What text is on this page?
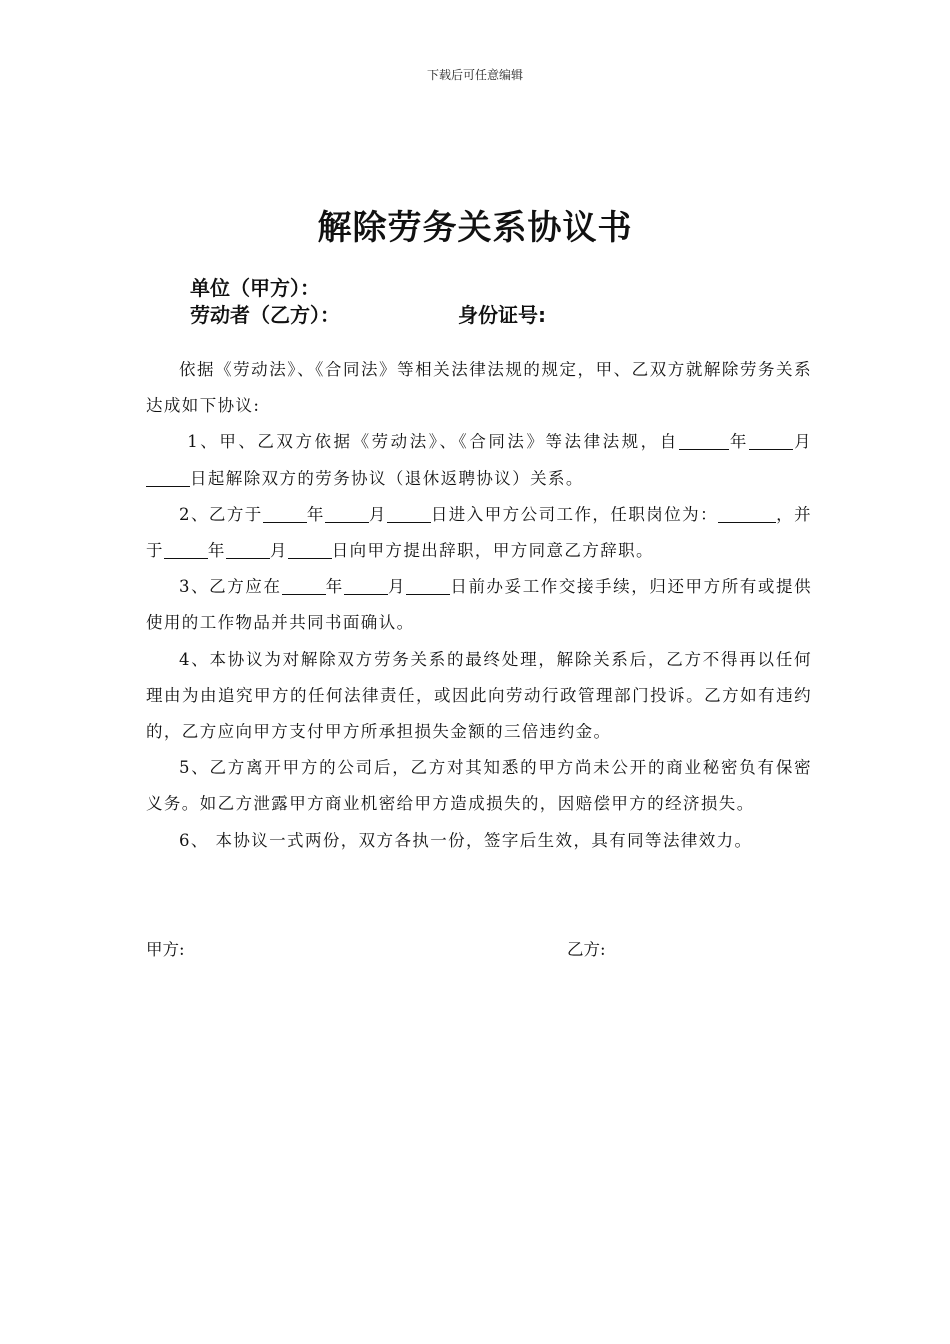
下载后可任意编辑
解除劳务关系协议书
单位（甲方）：
劳动者（乙方）：	身份证号:

依据《劳动法》、《合同法》等相关法律法规的规定，甲、乙双方就解除劳务关系达成如下协议:

1、甲、乙双方依据《劳动法》、《合同法》等法律法规，自	年	月日起解除双方的劳务协议（退休返聘协议）关系。

2、乙方于	年	月	日进入甲方公司工作，任职岗位为：	，并于	年	月	日向甲方提出辞职，甲方同意乙方辞职。

3、乙方应在	年	月	日前办妥工作交接手续，归还甲方所有或提供使用的工作物品并共同书面确认。

4、本协议为对解除双方劳务关系的最终处理，解除关系后，乙方不得再以任何理由为由追究甲方的任何法律责任，或因此向劳动行政管理部门投诉。乙方如有违约的，乙方应向甲方支付甲方所承担损失金额的三倍违约金。

5、乙方离开甲方的公司后，乙方对其知悉的甲方尚未公开的商业秘密负有保密义务。如乙方泄露甲方商业机密给甲方造成损失的，因赔偿甲方的经济损失。

6、 本协议一式两份，双方各执一份，签字后生效，具有同等法律效力。

甲方:	乙方:
